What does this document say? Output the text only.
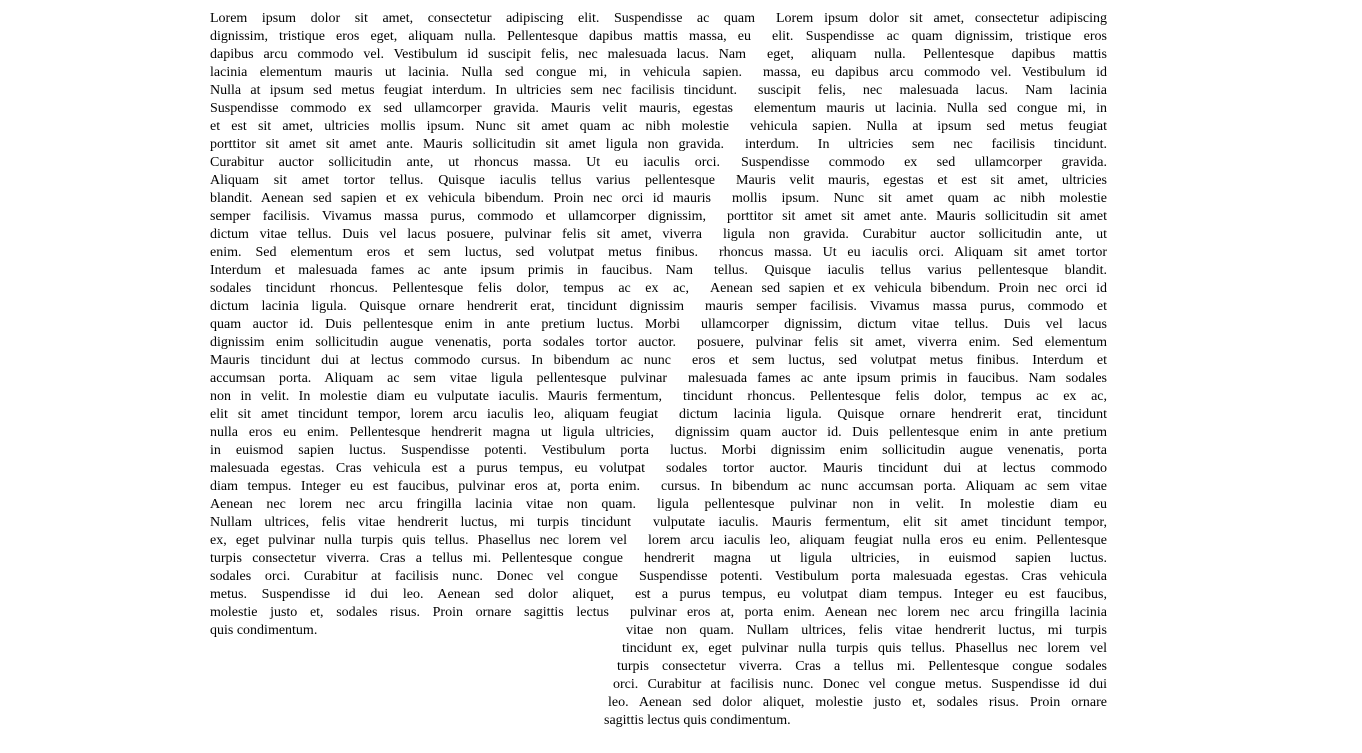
Lorem ipsum dolor sit amet, consectetur adipiscing elit. Suspendisse ac quam
dignissim, tristique eros eget, aliquam nulla. Pellentesque dapibus mattis massa, eu
dapibus arcu commodo vel. Vestibulum id suscipit felis, nec malesuada lacus. Nam
lacinia elementum mauris ut lacinia. Nulla sed congue mi, in vehicula sapien.
Nulla at ipsum sed metus feugiat interdum. In ultricies sem nec facilisis tincidunt.
Suspendisse commodo ex sed ullamcorper gravida. Mauris velit mauris, egestas
et est sit amet, ultricies mollis ipsum. Nunc sit amet quam ac nibh molestie
porttitor sit amet sit amet ante. Mauris sollicitudin sit amet ligula non gravida.
Curabitur auctor sollicitudin ante, ut rhoncus massa. Ut eu iaculis orci.
Aliquam sit amet tortor tellus. Quisque iaculis tellus varius pellentesque
blandit. Aenean sed sapien et ex vehicula bibendum. Proin nec orci id mauris
semper facilisis. Vivamus massa purus, commodo et ullamcorper dignissim,
dictum vitae tellus. Duis vel lacus posuere, pulvinar felis sit amet, viverra
enim. Sed elementum eros et sem luctus, sed volutpat metus finibus.
Interdum et malesuada fames ac ante ipsum primis in faucibus. Nam
sodales tincidunt rhoncus. Pellentesque felis dolor, tempus ac ex ac,
dictum lacinia ligula. Quisque ornare hendrerit erat, tincidunt dignissim
quam auctor id. Duis pellentesque enim in ante pretium luctus. Morbi
dignissim enim sollicitudin augue venenatis, porta sodales tortor auctor.
Mauris tincidunt dui at lectus commodo cursus. In bibendum ac nunc
accumsan porta. Aliquam ac sem vitae ligula pellentesque pulvinar
non in velit. In molestie diam eu vulputate iaculis. Mauris fermentum,
elit sit amet tincidunt tempor, lorem arcu iaculis leo, aliquam feugiat
nulla eros eu enim. Pellentesque hendrerit magna ut ligula ultricies,
in euismod sapien luctus. Suspendisse potenti. Vestibulum porta
malesuada egestas. Cras vehicula est a purus tempus, eu volutpat
diam tempus. Integer eu est faucibus, pulvinar eros at, porta enim.
Aenean nec lorem nec arcu fringilla lacinia vitae non quam.
Nullam ultrices, felis vitae hendrerit luctus, mi turpis tincidunt
ex, eget pulvinar nulla turpis quis tellus. Phasellus nec lorem vel
turpis consectetur viverra. Cras a tellus mi. Pellentesque congue
sodales orci. Curabitur at facilisis nunc. Donec vel congue
metus. Suspendisse id dui leo. Aenean sed dolor aliquet,
molestie justo et, sodales risus. Proin ornare sagittis lectus
quis condimentum.
Lorem ipsum dolor sit amet, consectetur adipiscing
elit. Suspendisse ac quam dignissim, tristique eros
eget, aliquam nulla. Pellentesque dapibus mattis
massa, eu dapibus arcu commodo vel. Vestibulum id
suscipit felis, nec malesuada lacus. Nam lacinia
elementum mauris ut lacinia. Nulla sed congue mi, in
vehicula sapien. Nulla at ipsum sed metus feugiat
interdum. In ultricies sem nec facilisis tincidunt.
Suspendisse commodo ex sed ullamcorper gravida.
Mauris velit mauris, egestas et est sit amet, ultricies
mollis ipsum. Nunc sit amet quam ac nibh molestie
porttitor sit amet sit amet ante. Mauris sollicitudin sit amet
ligula non gravida. Curabitur auctor sollicitudin ante, ut
rhoncus massa. Ut eu iaculis orci. Aliquam sit amet tortor
tellus. Quisque iaculis tellus varius pellentesque blandit.
Aenean sed sapien et ex vehicula bibendum. Proin nec orci id
mauris semper facilisis. Vivamus massa purus, commodo et
ullamcorper dignissim, dictum vitae tellus. Duis vel lacus
posuere, pulvinar felis sit amet, viverra enim. Sed elementum
eros et sem luctus, sed volutpat metus finibus. Interdum et
malesuada fames ac ante ipsum primis in faucibus. Nam sodales
tincidunt rhoncus. Pellentesque felis dolor, tempus ac ex ac,
dictum lacinia ligula. Quisque ornare hendrerit erat, tincidunt
dignissim quam auctor id. Duis pellentesque enim in ante pretium
luctus. Morbi dignissim enim sollicitudin augue venenatis, porta
sodales tortor auctor. Mauris tincidunt dui at lectus commodo
cursus. In bibendum ac nunc accumsan porta. Aliquam ac sem vitae
ligula pellentesque pulvinar non in velit. In molestie diam eu
vulputate iaculis. Mauris fermentum, elit sit amet tincidunt tempor,
lorem arcu iaculis leo, aliquam feugiat nulla eros eu enim. Pellentesque
hendrerit magna ut ligula ultricies, in euismod sapien luctus.
Suspendisse potenti. Vestibulum porta malesuada egestas. Cras vehicula
est a purus tempus, eu volutpat diam tempus. Integer eu est faucibus,
pulvinar eros at, porta enim. Aenean nec lorem nec arcu fringilla lacinia
vitae non quam. Nullam ultrices, felis vitae hendrerit luctus, mi turpis
tincidunt ex, eget pulvinar nulla turpis quis tellus. Phasellus nec lorem vel
turpis consectetur viverra. Cras a tellus mi. Pellentesque congue sodales
orci. Curabitur at facilisis nunc. Donec vel congue metus. Suspendisse id dui
leo. Aenean sed dolor aliquet, molestie justo et, sodales risus. Proin ornare
sagittis lectus quis condimentum.
